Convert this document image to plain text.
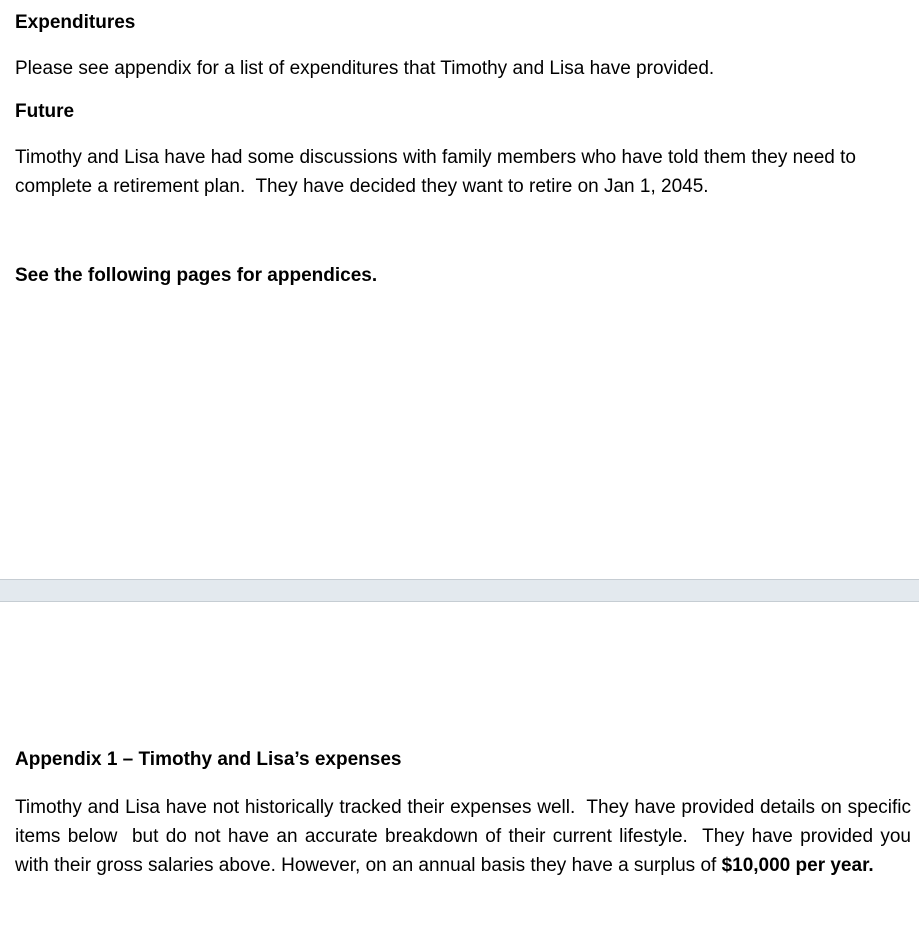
Expenditures
Please see appendix for a list of expenditures that Timothy and Lisa have provided.
Future
Timothy and Lisa have had some discussions with family members who have told them they need to
complete a retirement plan.  They have decided they want to retire on Jan 1, 2045.
See the following pages for appendices.
Appendix 1 – Timothy and Lisa’s expenses

Timothy and Lisa have not historically tracked their expenses well.  They have provided details on specific items below  but do not have an accurate breakdown of their current lifestyle.  They have provided you with their gross salaries above. However, on an annual basis they have a surplus of $10,000 per year.
